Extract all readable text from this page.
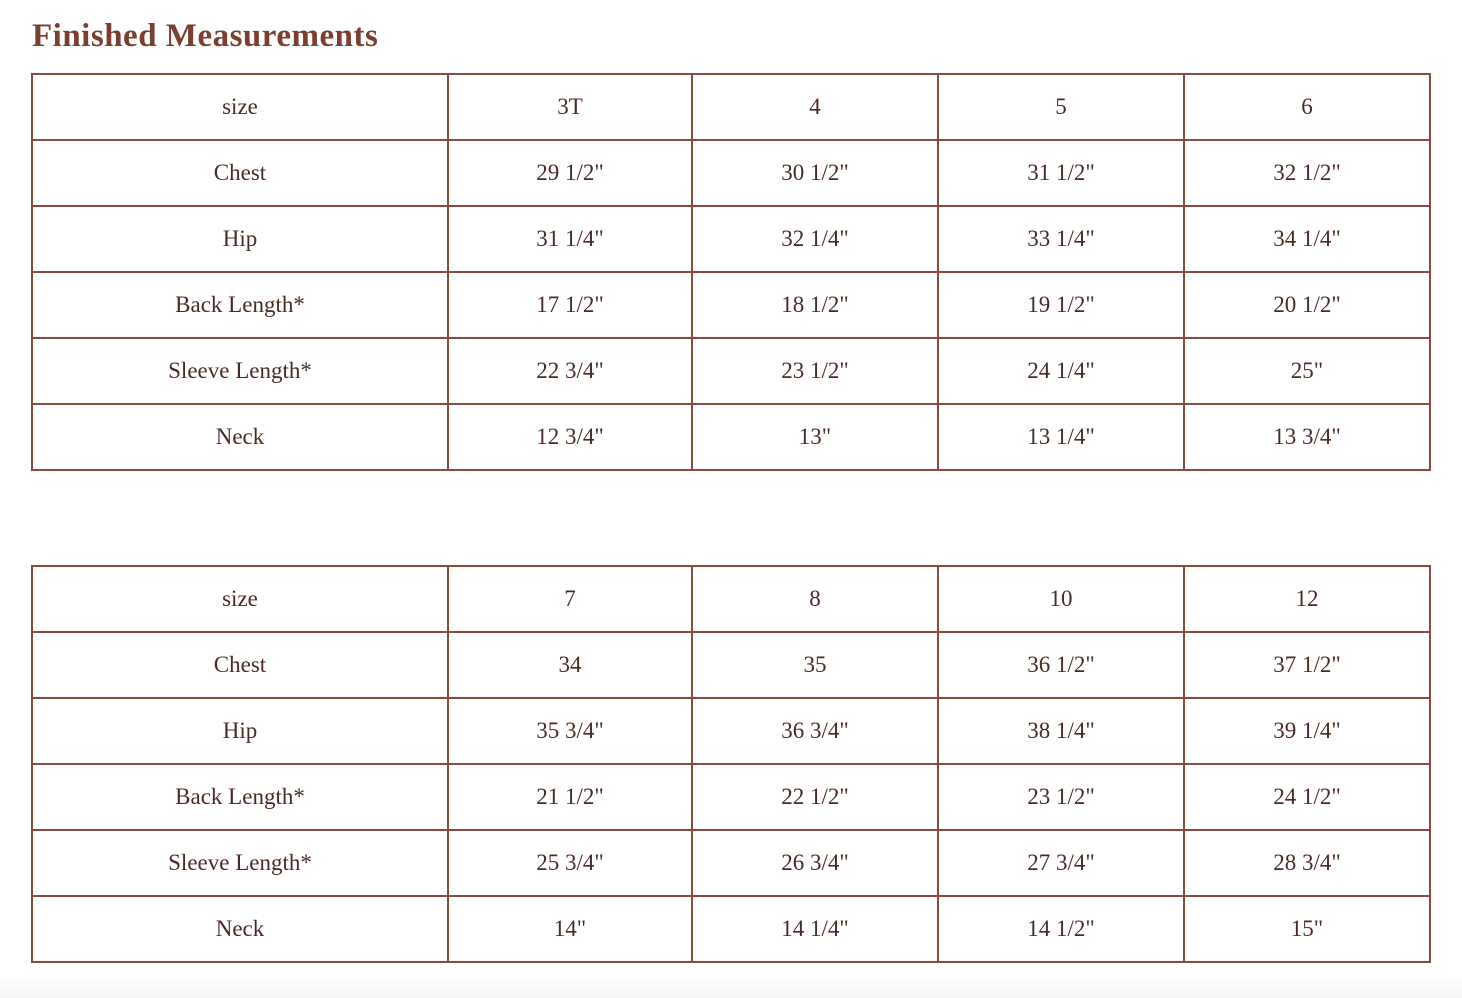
Finished Measurements
size	3T	4	5	6
Chest	29 1/2"	30 1/2"	31 1/2"	32 1/2"
Hip	31 1/4"	32 1/4"	33 1/4"	34 1/4"
Back Length*	17 1/2"	18 1/2"	19 1/2"	20 1/2"
Sleeve Length*	22 3/4"	23 1/2"	24 1/4"	25"
Neck	12 3/4"	13"	13 1/4"	13 3/4"
size	7	8	10	12
Chest	34	35	36 1/2"	37 1/2"
Hip	35 3/4"	36 3/4"	38 1/4"	39 1/4"
Back Length*	21 1/2"	22 1/2"	23 1/2"	24 1/2"
Sleeve Length*	25 3/4"	26 3/4"	27 3/4"	28 3/4"
Neck	14"	14 1/4"	14 1/2"	15"
